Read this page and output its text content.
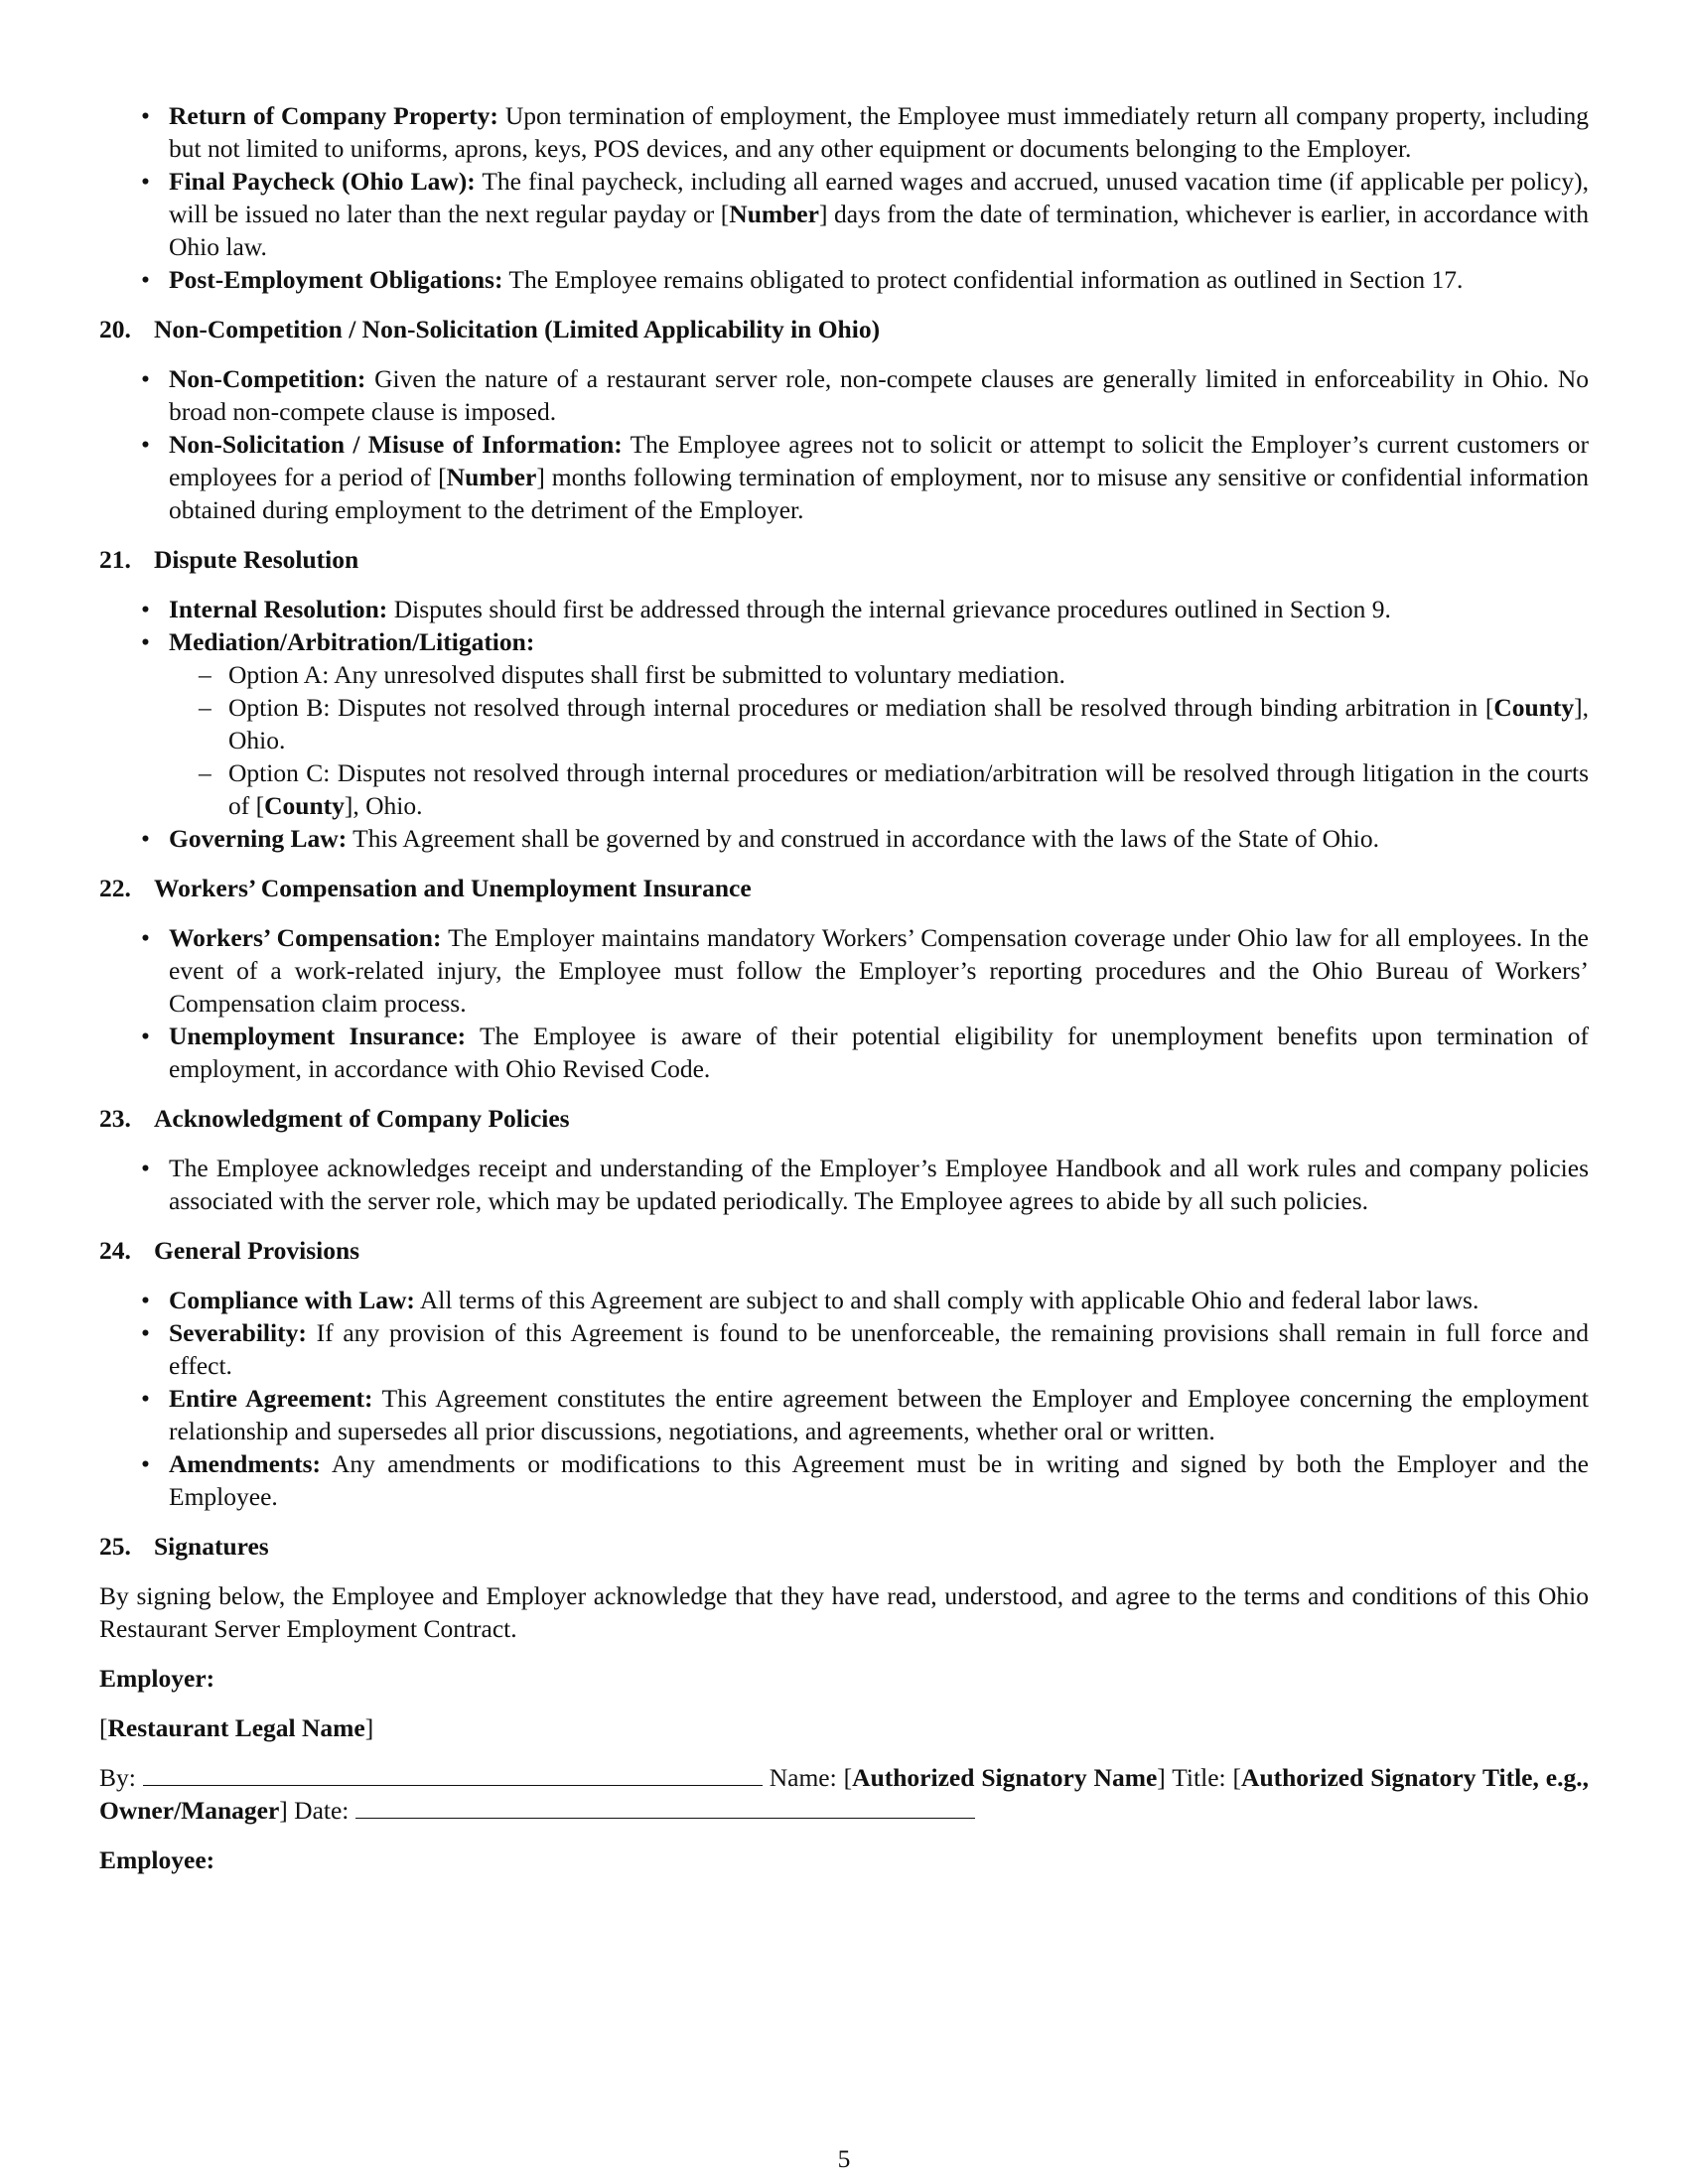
• Return of Company Property: Upon termination of employment, the Employee must immediately return all company property, including but not limited to uniforms, aprons, keys, POS devices, and any other equipment or documents belonging to the Employer.
• Final Paycheck (Ohio Law): The final paycheck, including all earned wages and accrued, unused vacation time (if applicable per policy), will be issued no later than the next regular payday or [Number] days from the date of termination, whichever is earlier, in accordance with Ohio law.
• Post-Employment Obligations: The Employee remains obligated to protect confidential information as outlined in Section 17.
20. Non-Competition / Non-Solicitation (Limited Applicability in Ohio)
• Non-Competition: Given the nature of a restaurant server role, non-compete clauses are generally limited in enforceability in Ohio. No broad non-compete clause is imposed.
• Non-Solicitation / Misuse of Information: The Employee agrees not to solicit or attempt to solicit the Employer’s current customers or employees for a period of [Number] months following termination of employment, nor to misuse any sensitive or confidential information obtained during employment to the detriment of the Employer.
21. Dispute Resolution
• Internal Resolution: Disputes should first be addressed through the internal grievance procedures outlined in Section 9.
• Mediation/Arbitration/Litigation:
– Option A: Any unresolved disputes shall first be submitted to voluntary mediation.
– Option B: Disputes not resolved through internal procedures or mediation shall be resolved through binding arbitration in [County], Ohio.
– Option C: Disputes not resolved through internal procedures or mediation/arbitration will be resolved through litigation in the courts of [County], Ohio.
• Governing Law: This Agreement shall be governed by and construed in accordance with the laws of the State of Ohio.
22. Workers’ Compensation and Unemployment Insurance
• Workers’ Compensation: The Employer maintains mandatory Workers’ Compensation coverage under Ohio law for all employees. In the event of a work-related injury, the Employee must follow the Employer’s reporting procedures and the Ohio Bureau of Workers’ Compensation claim process.
• Unemployment Insurance: The Employee is aware of their potential eligibility for unemployment benefits upon termination of employment, in accordance with Ohio Revised Code.
23. Acknowledgment of Company Policies
• The Employee acknowledges receipt and understanding of the Employer’s Employee Handbook and all work rules and company policies associated with the server role, which may be updated periodically. The Employee agrees to abide by all such policies.
24. General Provisions
• Compliance with Law: All terms of this Agreement are subject to and shall comply with applicable Ohio and federal labor laws.
• Severability: If any provision of this Agreement is found to be unenforceable, the remaining provisions shall remain in full force and effect.
• Entire Agreement: This Agreement constitutes the entire agreement between the Employer and Employee concerning the employment relationship and supersedes all prior discussions, negotiations, and agreements, whether oral or written.
• Amendments: Any amendments or modifications to this Agreement must be in writing and signed by both the Employer and the Employee.
25. Signatures
By signing below, the Employee and Employer acknowledge that they have read, understood, and agree to the terms and conditions of this Ohio Restaurant Server Employment Contract.
Employer:
[Restaurant Legal Name]
By:	Name: [Authorized Signatory Name] Title: [Authorized Signatory Title, e.g., Owner/Manager] Date:
Employee:
5
